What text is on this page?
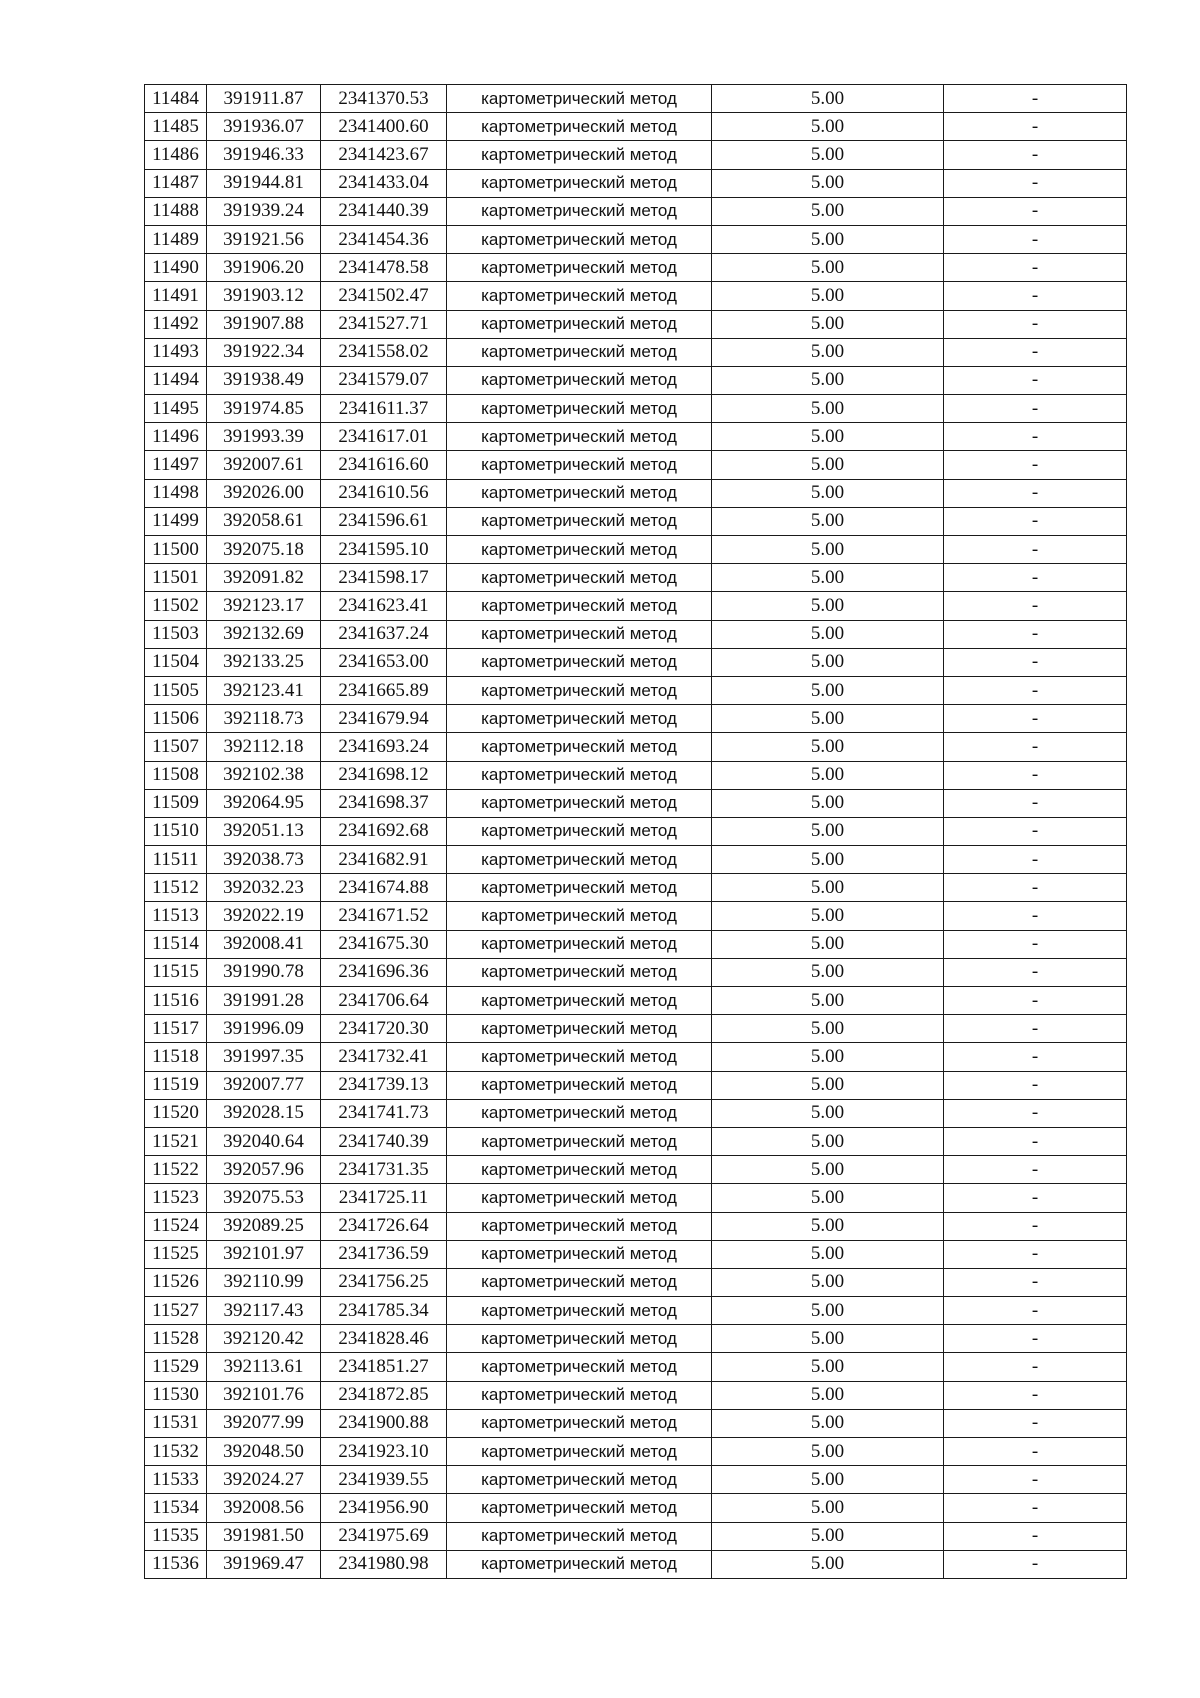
11484	391911.87	2341370.53	картометрический метод	5.00	-
11485	391936.07	2341400.60	картометрический метод	5.00	-
11486	391946.33	2341423.67	картометрический метод	5.00	-
11487	391944.81	2341433.04	картометрический метод	5.00	-
11488	391939.24	2341440.39	картометрический метод	5.00	-
11489	391921.56	2341454.36	картометрический метод	5.00	-
11490	391906.20	2341478.58	картометрический метод	5.00	-
11491	391903.12	2341502.47	картометрический метод	5.00	-
11492	391907.88	2341527.71	картометрический метод	5.00	-
11493	391922.34	2341558.02	картометрический метод	5.00	-
11494	391938.49	2341579.07	картометрический метод	5.00	-
11495	391974.85	2341611.37	картометрический метод	5.00	-
11496	391993.39	2341617.01	картометрический метод	5.00	-
11497	392007.61	2341616.60	картометрический метод	5.00	-
11498	392026.00	2341610.56	картометрический метод	5.00	-
11499	392058.61	2341596.61	картометрический метод	5.00	-
11500	392075.18	2341595.10	картометрический метод	5.00	-
11501	392091.82	2341598.17	картометрический метод	5.00	-
11502	392123.17	2341623.41	картометрический метод	5.00	-
11503	392132.69	2341637.24	картометрический метод	5.00	-
11504	392133.25	2341653.00	картометрический метод	5.00	-
11505	392123.41	2341665.89	картометрический метод	5.00	-
11506	392118.73	2341679.94	картометрический метод	5.00	-
11507	392112.18	2341693.24	картометрический метод	5.00	-
11508	392102.38	2341698.12	картометрический метод	5.00	-
11509	392064.95	2341698.37	картометрический метод	5.00	-
11510	392051.13	2341692.68	картометрический метод	5.00	-
11511	392038.73	2341682.91	картометрический метод	5.00	-
11512	392032.23	2341674.88	картометрический метод	5.00	-
11513	392022.19	2341671.52	картометрический метод	5.00	-
11514	392008.41	2341675.30	картометрический метод	5.00	-
11515	391990.78	2341696.36	картометрический метод	5.00	-
11516	391991.28	2341706.64	картометрический метод	5.00	-
11517	391996.09	2341720.30	картометрический метод	5.00	-
11518	391997.35	2341732.41	картометрический метод	5.00	-
11519	392007.77	2341739.13	картометрический метод	5.00	-
11520	392028.15	2341741.73	картометрический метод	5.00	-
11521	392040.64	2341740.39	картометрический метод	5.00	-
11522	392057.96	2341731.35	картометрический метод	5.00	-
11523	392075.53	2341725.11	картометрический метод	5.00	-
11524	392089.25	2341726.64	картометрический метод	5.00	-
11525	392101.97	2341736.59	картометрический метод	5.00	-
11526	392110.99	2341756.25	картометрический метод	5.00	-
11527	392117.43	2341785.34	картометрический метод	5.00	-
11528	392120.42	2341828.46	картометрический метод	5.00	-
11529	392113.61	2341851.27	картометрический метод	5.00	-
11530	392101.76	2341872.85	картометрический метод	5.00	-
11531	392077.99	2341900.88	картометрический метод	5.00	-
11532	392048.50	2341923.10	картометрический метод	5.00	-
11533	392024.27	2341939.55	картометрический метод	5.00	-
11534	392008.56	2341956.90	картометрический метод	5.00	-
11535	391981.50	2341975.69	картометрический метод	5.00	-
11536	391969.47	2341980.98	картометрический метод	5.00	-
